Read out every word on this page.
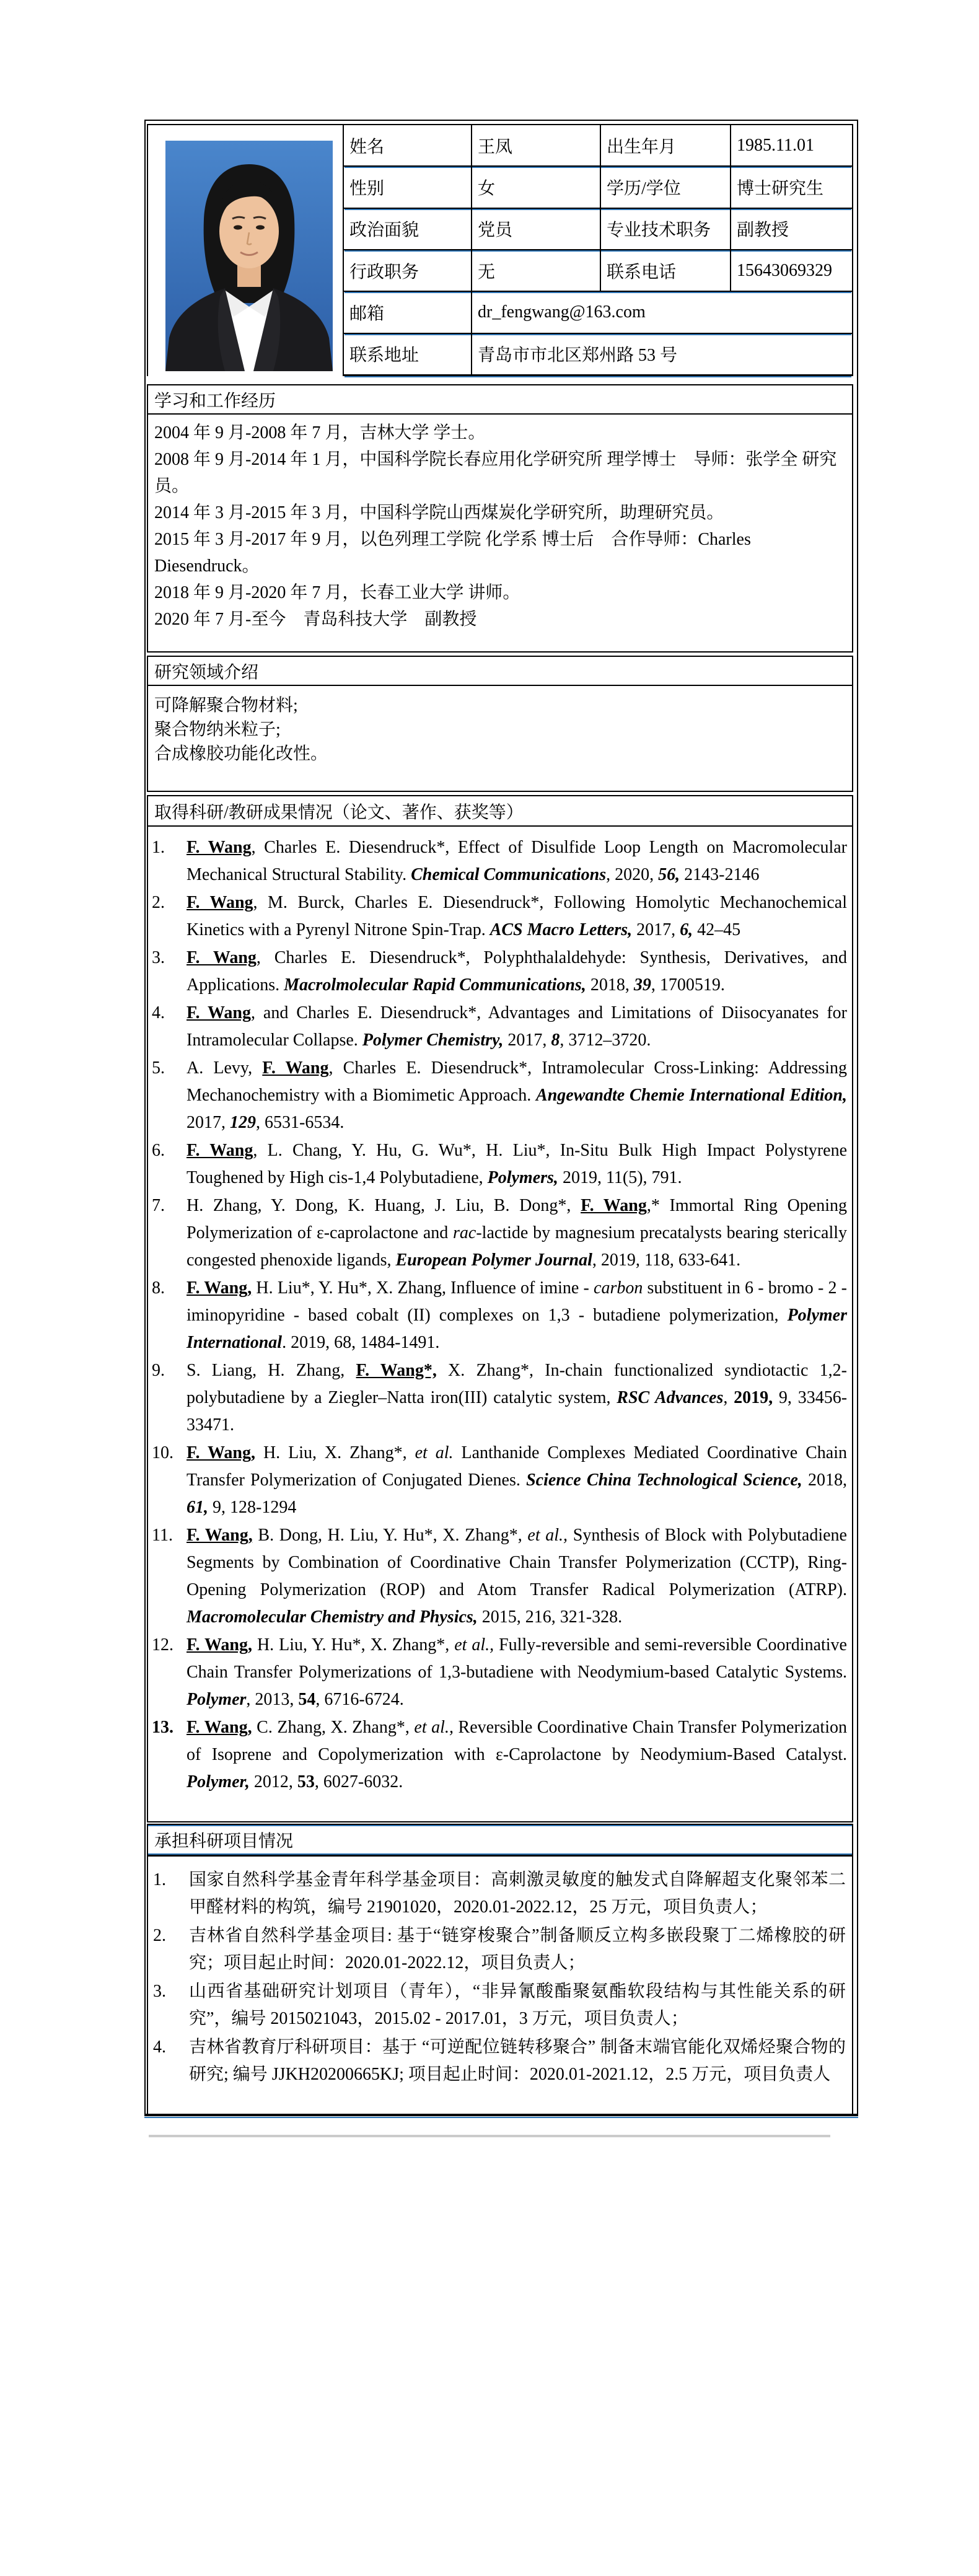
姓名	王凤	出生年月	1985.11.01
性别	女	学历/学位	博士研究生
政治面貌	党员	专业技术职务	副教授
行政职务	无	联系电话	15643069329
邮箱	dr_fengwang@163.com
联系地址	青岛市市北区郑州路 53 号
学习和工作经历
2004 年 9 月-2008 年 7 月，吉林大学 学士。
2008 年 9 月-2014 年 1 月，中国科学院长春应用化学研究所 理学博士　导师：张学全 研究员。
2014 年 3 月-2015 年 3 月，中国科学院山西煤炭化学研究所，助理研究员。
2015 年 3 月-2017 年 9 月，以色列理工学院 化学系 博士后　合作导师：Charles Diesendruck。
2018 年 9 月-2020 年 7 月，长春工业大学 讲师。
2020 年 7 月-至今　青岛科技大学　副教授
研究领域介绍
可降解聚合物材料;
聚合物纳米粒子;
合成橡胶功能化改性。
取得科研/教研成果情况（论文、著作、获奖等）
1. F. Wang, Charles E. Diesendruck*, Effect of Disulfide Loop Length on Macromolecular Mechanical Structural Stability. Chemical Communications, 2020, 56, 2143-2146
2. F. Wang, M. Burck, Charles E. Diesendruck*, Following Homolytic Mechanochemical Kinetics with a Pyrenyl Nitrone Spin-Trap. ACS Macro Letters, 2017, 6, 42–45
3. F. Wang, Charles E. Diesendruck*, Polyphthalaldehyde: Synthesis, Derivatives, and Applications. Macrolmolecular Rapid Communications, 2018, 39, 1700519.
4. F. Wang, and Charles E. Diesendruck*, Advantages and Limitations of Diisocyanates for Intramolecular Collapse. Polymer Chemistry, 2017, 8, 3712–3720.
5. A. Levy, F. Wang, Charles E. Diesendruck*, Intramolecular Cross-Linking: Addressing Mechanochemistry with a Biomimetic Approach. Angewandte Chemie International Edition, 2017, 129, 6531-6534.
6. F. Wang, L. Chang, Y. Hu, G. Wu*, H. Liu*, In-Situ Bulk High Impact Polystyrene Toughened by High cis-1,4 Polybutadiene, Polymers, 2019, 11(5), 791.
7. H. Zhang, Y. Dong, K. Huang, J. Liu, B. Dong*, F. Wang,* Immortal Ring Opening Polymerization of ε-caprolactone and rac-lactide by magnesium precatalysts bearing sterically congested phenoxide ligands, European Polymer Journal, 2019, 118, 633-641.
8. F. Wang, H. Liu*, Y. Hu*, X. Zhang, Influence of imine - carbon substituent in 6 - bromo - 2 - iminopyridine - based cobalt (II) complexes on 1,3 - butadiene polymerization, Polymer International. 2019, 68, 1484-1491.
9. S. Liang, H. Zhang, F. Wang*, X. Zhang*, In-chain functionalized syndiotactic 1,2-polybutadiene by a Ziegler–Natta iron(III) catalytic system, RSC Advances, 2019, 9, 33456-33471.
10. F. Wang, H. Liu, X. Zhang*, et al. Lanthanide Complexes Mediated Coordinative Chain Transfer Polymerization of Conjugated Dienes. Science China Technological Science, 2018, 61, 9, 128-1294
11. F. Wang, B. Dong, H. Liu, Y. Hu*, X. Zhang*, et al., Synthesis of Block with Polybutadiene Segments by Combination of Coordinative Chain Transfer Polymerization (CCTP), Ring-Opening Polymerization (ROP) and Atom Transfer Radical Polymerization (ATRP). Macromolecular Chemistry and Physics, 2015, 216, 321-328.
12. F. Wang, H. Liu, Y. Hu*, X. Zhang*, et al., Fully-reversible and semi-reversible Coordinative Chain Transfer Polymerizations of 1,3-butadiene with Neodymium-based Catalytic Systems. Polymer, 2013, 54, 6716-6724.
13. F. Wang, C. Zhang, X. Zhang*, et al., Reversible Coordinative Chain Transfer Polymerization of Isoprene and Copolymerization with ε-Caprolactone by Neodymium-Based Catalyst. Polymer, 2012, 53, 6027-6032.
承担科研项目情况
1. 国家自然科学基金青年科学基金项目：高刺激灵敏度的触发式自降解超支化聚邻苯二甲醛材料的构筑，编号 21901020，2020.01-2022.12，25 万元，项目负责人；
2. 吉林省自然科学基金项目: 基于“链穿梭聚合”制备顺反立构多嵌段聚丁二烯橡胶的研究；项目起止时间：2020.01-2022.12，项目负责人；
3. 山西省基础研究计划项目（青年），“非异氰酸酯聚氨酯软段结构与其性能关系的研究”，编号 2015021043，2015.02 - 2017.01，3 万元，项目负责人；
4. 吉林省教育厅科研项目：基于 “可逆配位链转移聚合” 制备末端官能化双烯烃聚合物的研究; 编号 JJKH20200665KJ; 项目起止时间：2020.01-2021.12，2.5 万元，项目负责人
